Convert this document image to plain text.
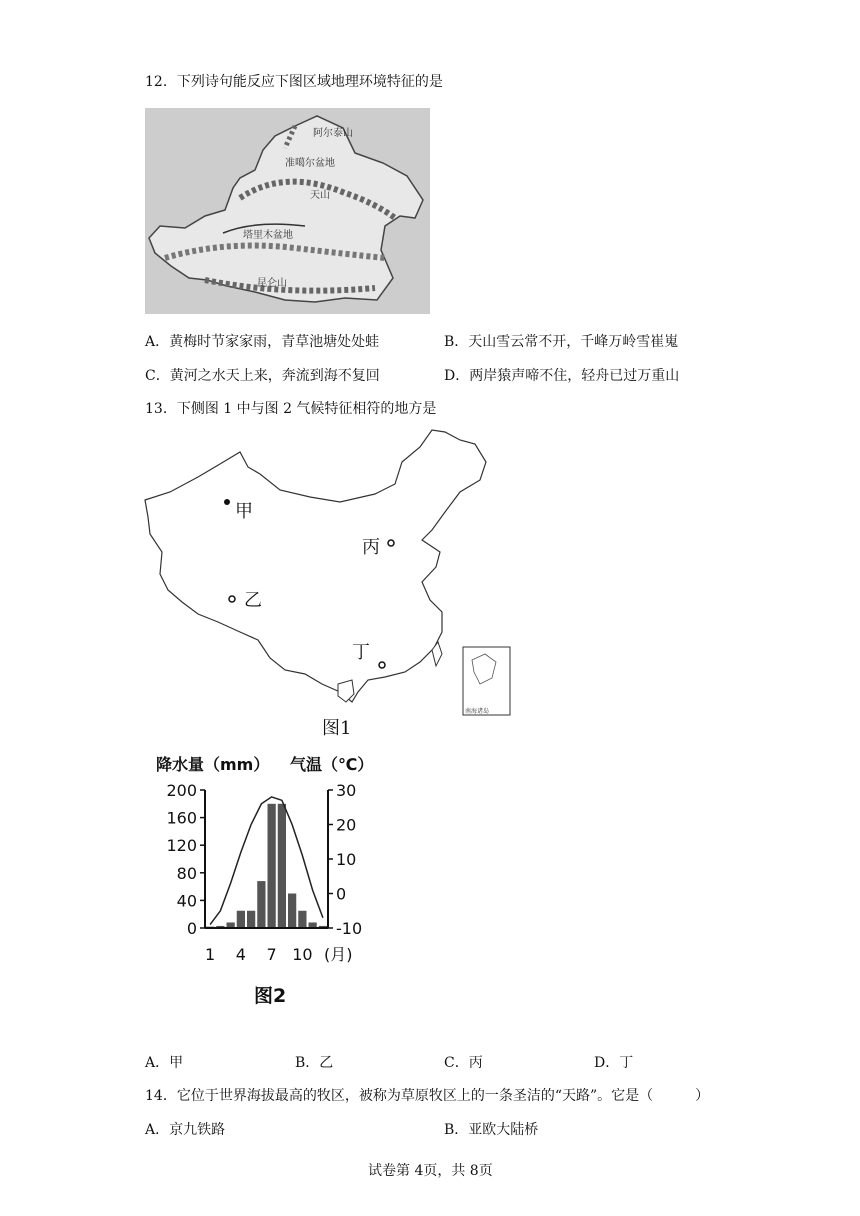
12．下列诗句能反应下图区域地理环境特征的是
阿尔泰山
准噶尔盆地
天山
塔里木盆地
昆仑山
A．黄梅时节家家雨，青草池塘处处蛙	B．天山雪云常不开，千峰万岭雪崔嵬
C．黄河之水天上来，奔流到海不复回	D．两岸猿声啼不住，轻舟已过万重山
13．下侧图 1 中与图 2 气候特征相符的地方是
南海诸岛
甲
乙
丙
丁
图1
降水量（mm） 气温（℃）
200
160
120
80
40
0
30
20
10
0
-10
1 4 7 10 (月)
图2
A．甲	B．乙	C．丙	D．丁
14．它位于世界海拔最高的牧区，被称为草原牧区上的一条圣洁的“天路”。它是（　　　）
A．京九铁路	B．亚欧大陆桥
试卷第 4页，共 8页
